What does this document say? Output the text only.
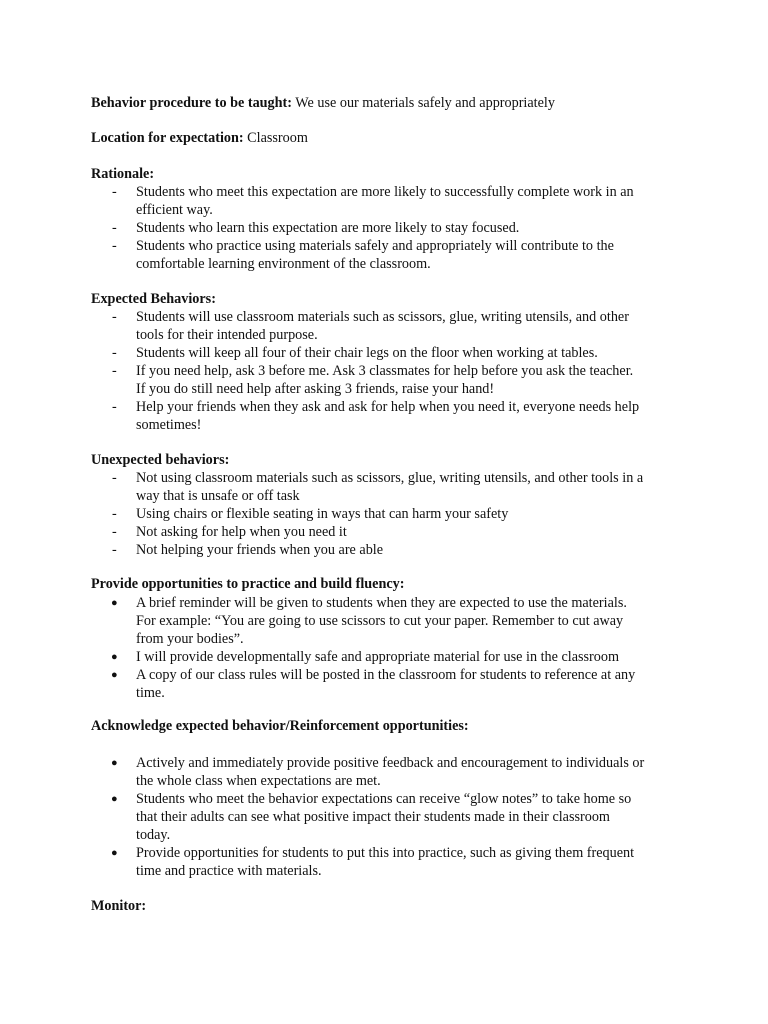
Behavior procedure to be taught: We use our materials safely and appropriately
Location for expectation: Classroom
Rationale:
-	Students who meet this expectation are more likely to successfully complete work in an
efficient way.
-	Students who learn this expectation are more likely to stay focused.
-	Students who practice using materials safely and appropriately will contribute to the
comfortable learning environment of the classroom.
Expected Behaviors:
-	Students will use classroom materials such as scissors, glue, writing utensils, and other
tools for their intended purpose.
-	Students will keep all four of their chair legs on the floor when working at tables.
-	If you need help, ask 3 before me. Ask 3 classmates for help before you ask the teacher.
If you do still need help after asking 3 friends, raise your hand!
-	Help your friends when they ask and ask for help when you need it, everyone needs help
sometimes!
Unexpected behaviors:
-	Not using classroom materials such as scissors, glue, writing utensils, and other tools in a
way that is unsafe or off task
-	Using chairs or flexible seating in ways that can harm your safety
-	Not asking for help when you need it
-	Not helping your friends when you are able
Provide opportunities to practice and build fluency:
●	A brief reminder will be given to students when they are expected to use the materials.
For example: “You are going to use scissors to cut your paper. Remember to cut away
from your bodies”.
●	I will provide developmentally safe and appropriate material for use in the classroom
●	A copy of our class rules will be posted in the classroom for students to reference at any
time.
Acknowledge expected behavior/Reinforcement opportunities:
●	Actively and immediately provide positive feedback and encouragement to individuals or
the whole class when expectations are met.
●	Students who meet the behavior expectations can receive “glow notes” to take home so
that their adults can see what positive impact their students made in their classroom
today.
●	Provide opportunities for students to put this into practice, such as giving them frequent
time and practice with materials.
Monitor:
